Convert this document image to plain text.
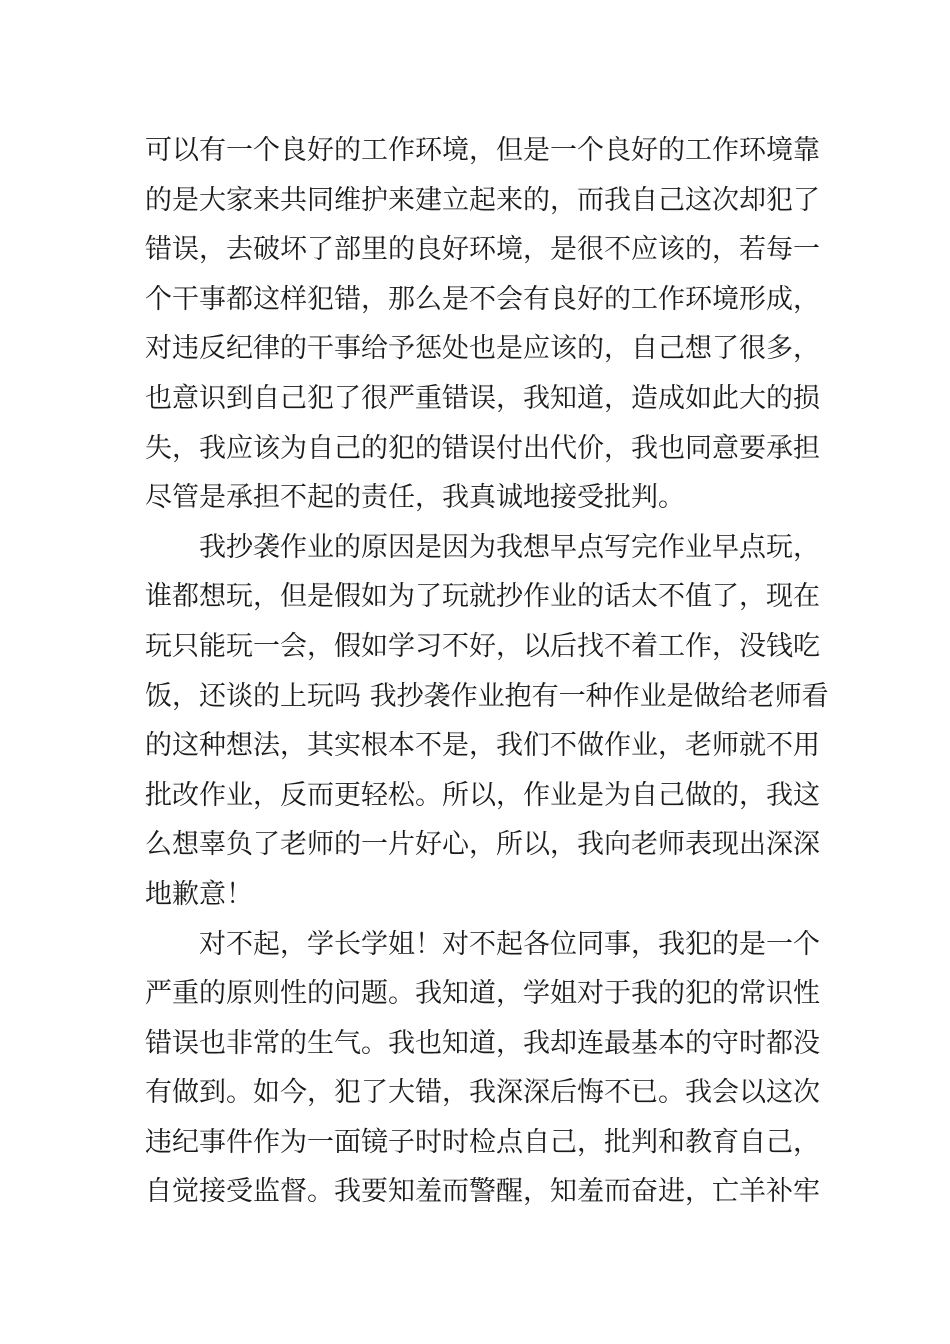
可以有一个良好的工作环境，但是一个良好的工作环境靠
的是大家来共同维护来建立起来的，而我自己这次却犯了
错误，去破坏了部里的良好环境，是很不应该的，若每一
个干事都这样犯错，那么是不会有良好的工作环境形成，
对违反纪律的干事给予惩处也是应该的，自己想了很多，
也意识到自己犯了很严重错误，我知道，造成如此大的损
失，我应该为自己的犯的错误付出代价，我也同意要承担
尽管是承担不起的责任，我真诚地接受批判。
我抄袭作业的原因是因为我想早点写完作业早点玩，
谁都想玩，但是假如为了玩就抄作业的话太不值了，现在
玩只能玩一会，假如学习不好，以后找不着工作，没钱吃
饭，还谈的上玩吗 我抄袭作业抱有一种作业是做给老师看
的这种想法，其实根本不是，我们不做作业，老师就不用
批改作业，反而更轻松。所以，作业是为自己做的，我这
么想辜负了老师的一片好心，所以，我向老师表现出深深
地歉意！
对不起，学长学姐！对不起各位同事，我犯的是一个
严重的原则性的问题。我知道，学姐对于我的犯的常识性
错误也非常的生气。我也知道，我却连最基本的守时都没
有做到。如今，犯了大错，我深深后悔不已。我会以这次
违纪事件作为一面镜子时时检点自己，批判和教育自己，
自觉接受监督。我要知羞而警醒，知羞而奋进，亡羊补牢
